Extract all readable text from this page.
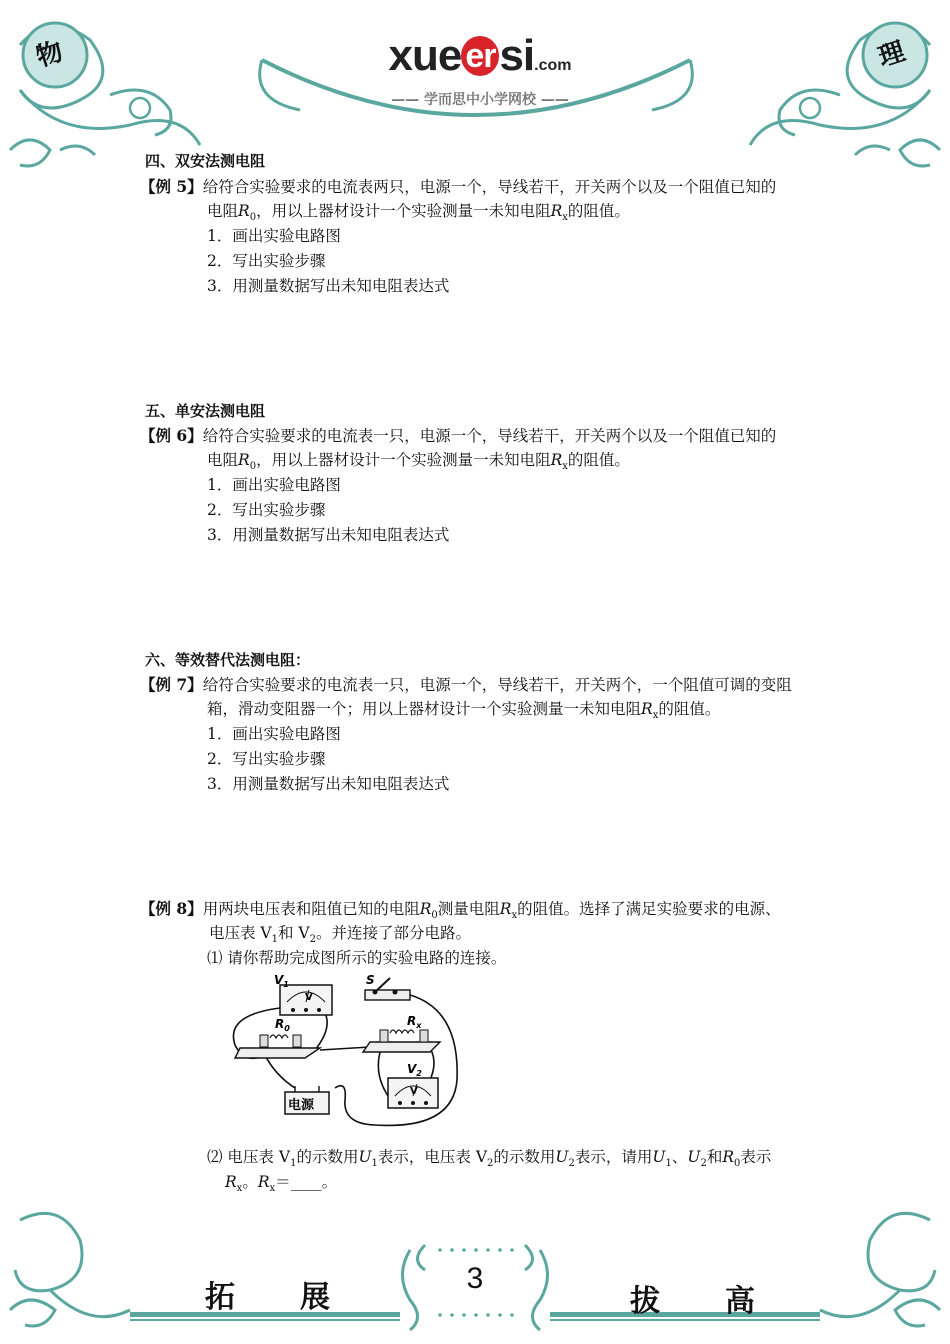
物	理
xue ersi.com
—— 学而思中小学网校 ——
四、双安法测电阻
【例 5】给符合实验要求的电流表两只，电源一个，导线若干，开关两个以及一个阻值已知的
电阻$R_0$，用以上器材设计一个实验测量一未知电阻$R_x$的阻值。
1．画出实验电路图
2．写出实验步骤
3．用测量数据写出未知电阻表达式
五、单安法测电阻
【例 6】给符合实验要求的电流表一只，电源一个，导线若干，开关两个以及一个阻值已知的
电阻$R_0$，用以上器材设计一个实验测量一未知电阻$R_x$的阻值。
1．画出实验电路图
2．写出实验步骤
3．用测量数据写出未知电阻表达式
六、等效替代法测电阻：
【例 7】给符合实验要求的电流表一只，电源一个，导线若干，开关两个，一个阻值可调的变阻
箱，滑动变阻器一个；用以上器材设计一个实验测量一未知电阻$R_x$的阻值。
1．画出实验电路图
2．写出实验步骤
3．用测量数据写出未知电阻表达式
【例 8】用两块电压表和阻值已知的电阻$R_0$测量电阻$R_x$的阻值。选择了满足实验要求的电源、
电压表 $V_1$和 $V_2$。并连接了部分电路。
⑴ 请你帮助完成图所示的实验电路的连接。
V
$V_1$	S
$R_0$
$R_x$
V
$V_2$
电源
⑵ 电压表 $V_1$的示数用$U_1$表示，电压表 $V_2$的示数用$U_2$表示，请用$U_1$、$U_2$和$R_0$表示
$R_x$。$R_x=\_\_\_\_$。
拓 展
3
拔 高
